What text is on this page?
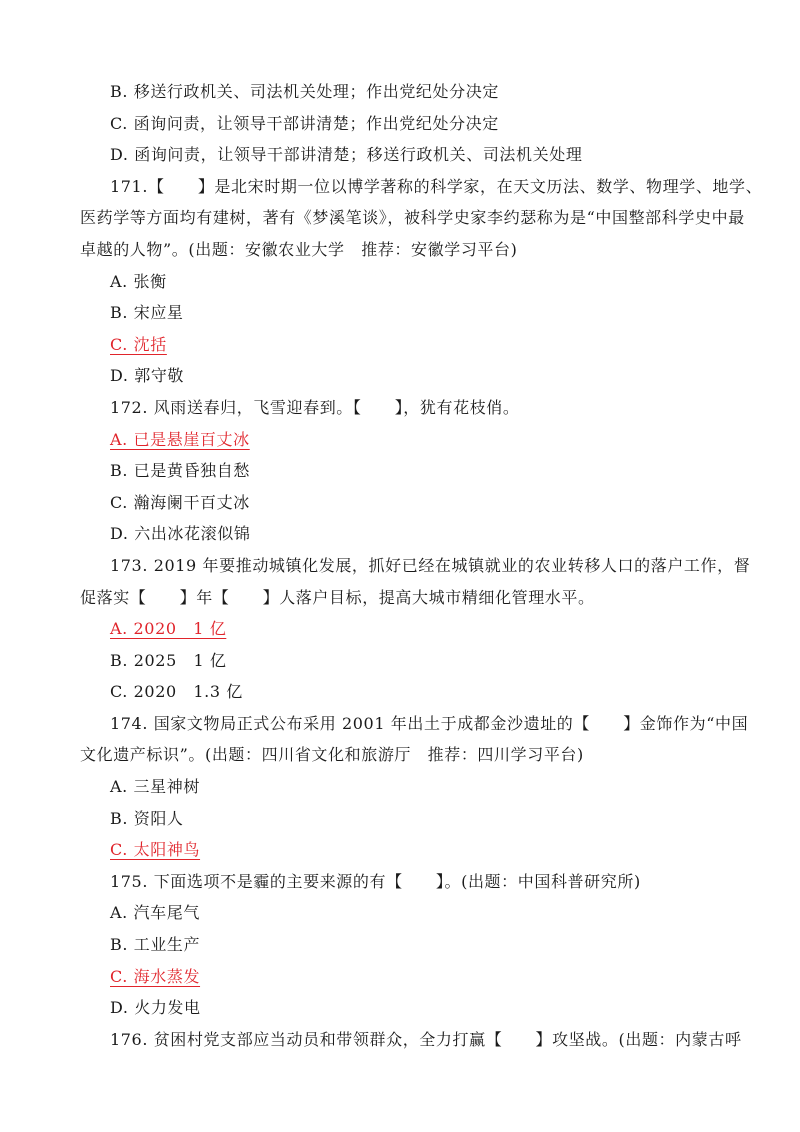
B. 移送行政机关、司法机关处理；作出党纪处分决定
C. 函询问责，让领导干部讲清楚；作出党纪处分决定
D. 函询问责，让领导干部讲清楚；移送行政机关、司法机关处理
171.【　　】是北宋时期一位以博学著称的科学家，在天文历法、数学、物理学、地学、
医药学等方面均有建树，著有《梦溪笔谈》，被科学史家李约瑟称为是“中国整部科学史中最
卓越的人物”。(出题：安徽农业大学　推荐：安徽学习平台)
A. 张衡
B. 宋应星
C. 沈括
D. 郭守敬
172. 风雨送春归，飞雪迎春到。【　　】，犹有花枝俏。
A. 已是悬崖百丈冰
B. 已是黄昏独自愁
C. 瀚海阑干百丈冰
D. 六出冰花滚似锦
173. 2019 年要推动城镇化发展，抓好已经在城镇就业的农业转移人口的落户工作，督
促落实【　　】年【　　】人落户目标，提高大城市精细化管理水平。
A. 2020　1 亿
B. 2025　1 亿
C. 2020　1.3 亿
174. 国家文物局正式公布采用 2001 年出土于成都金沙遗址的【　　】金饰作为“中国
文化遗产标识”。(出题：四川省文化和旅游厅　推荐：四川学习平台)
A. 三星神树
B. 资阳人
C. 太阳神鸟
175. 下面选项不是霾的主要来源的有【　　】。(出题：中国科普研究所)
A. 汽车尾气
B. 工业生产
C. 海水蒸发
D. 火力发电
176. 贫困村党支部应当动员和带领群众，全力打赢【　　】攻坚战。(出题：内蒙古呼
